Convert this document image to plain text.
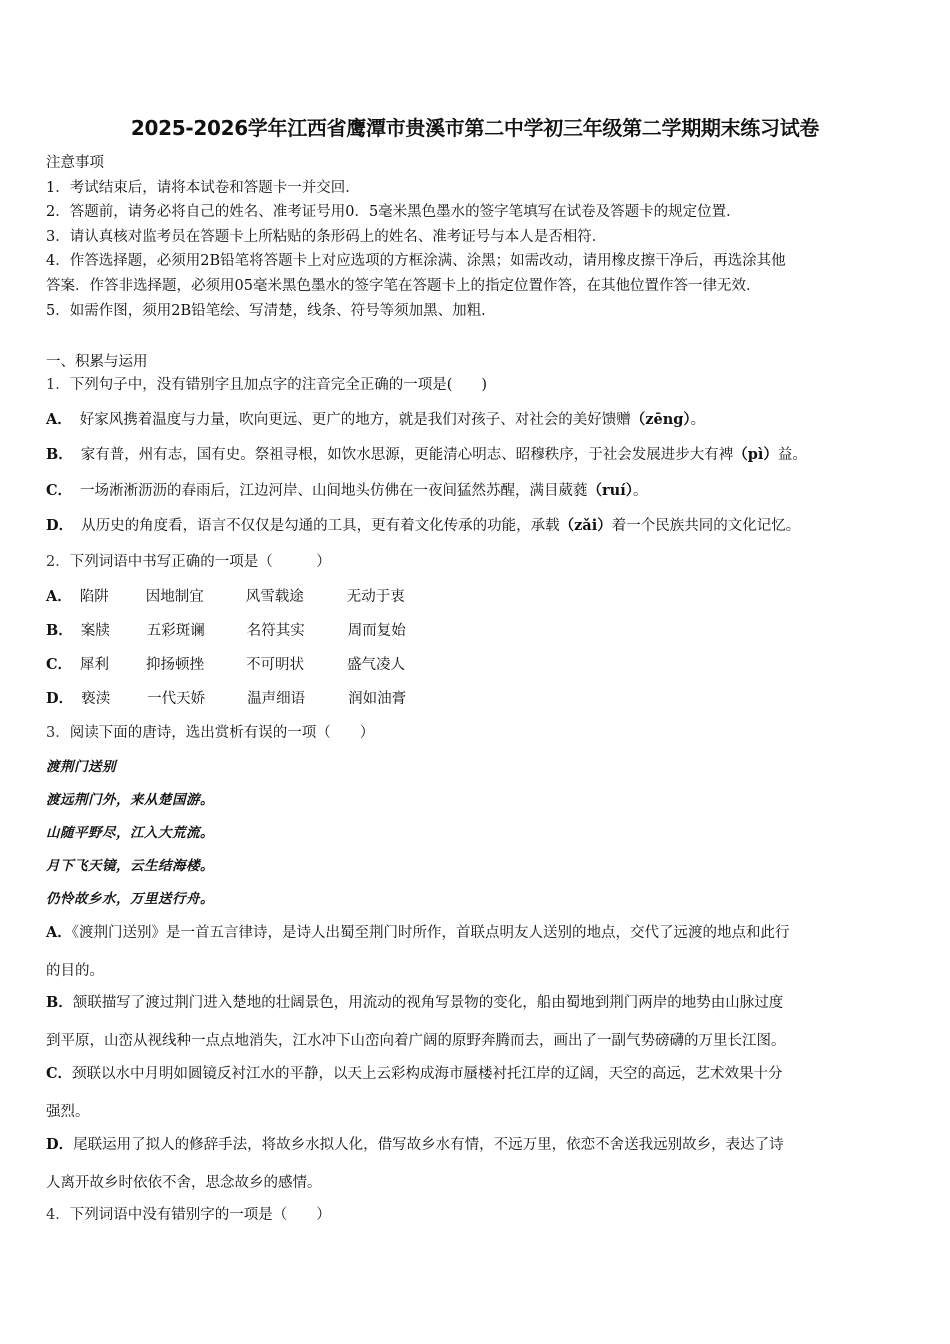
2025-2026学年江西省鹰潭市贵溪市第二中学初三年级第二学期期末练习试卷
注意事项
1．考试结束后，请将本试卷和答题卡一并交回．
2．答题前，请务必将自己的姓名、准考证号用0．5毫米黑色墨水的签字笔填写在试卷及答题卡的规定位置．
3．请认真核对监考员在答题卡上所粘贴的条形码上的姓名、准考证号与本人是否相符．
4．作答选择题，必须用2B铅笔将答题卡上对应选项的方框涂满、涂黑；如需改动，请用橡皮擦干净后，再选涂其他
答案．作答非选择题，必须用05毫米黑色墨水的签字笔在答题卡上的指定位置作答，在其他位置作答一律无效．
5．如需作图，须用2B铅笔绘、写清楚，线条、符号等须加黑、加粗．
一、积累与运用
1．下列句子中，没有错别字且加点字的注音完全正确的一项是(　　)
A． 好家风携着温度与力量，吹向更远、更广的地方，就是我们对孩子、对社会的美好馈赠（zēng）。
B． 家有普，州有志，国有史。祭祖寻根，如饮水思源，更能清心明志、昭穆秩序，于社会发展进步大有裨（pì）益。
C． 一场淅淅沥沥的春雨后，江边河岸、山间地头仿佛在一夜间猛然苏醒，满目葳蕤（ruí）。
D． 从历史的角度看，语言不仅仅是勾通的工具，更有着文化传承的功能，承载（zǎi）着一个民族共同的文化记忆。
2．下列词语中书写正确的一项是（　　　）
A． 陷阱	因地制宜	风雪载途	无动于衷
B． 案牍	五彩斑谰	名符其实	周而复始
C． 犀利	抑扬顿挫	不可明状	盛气凌人
D． 亵渎	一代天娇	温声细语	润如油膏
3．阅读下面的唐诗，选出赏析有误的一项（　　）
渡荆门送别
渡远荆门外，来从楚国游。
山随平野尽，江入大荒流。
月下飞天镜，云生结海楼。
仍怜故乡水，万里送行舟。
A．《渡荆门送别》是一首五言律诗，是诗人出蜀至荆门时所作，首联点明友人送别的地点，交代了远渡的地点和此行
的目的。
B．颔联描写了渡过荆门进入楚地的壮阔景色，用流动的视角写景物的变化，船由蜀地到荆门两岸的地势由山脉过度
到平原，山峦从视线种一点点地消失，江水冲下山峦向着广阔的原野奔腾而去，画出了一副气势磅礴的万里长江图。
C．颈联以水中月明如圆镜反衬江水的平静，以天上云彩构成海市蜃楼衬托江岸的辽阔，天空的高远，艺术效果十分
强烈。
D．尾联运用了拟人的修辞手法，将故乡水拟人化，借写故乡水有情，不远万里，依恋不舍送我远别故乡，表达了诗
人离开故乡时依依不舍，思念故乡的感情。
4．下列词语中没有错别字的一项是（　　）
